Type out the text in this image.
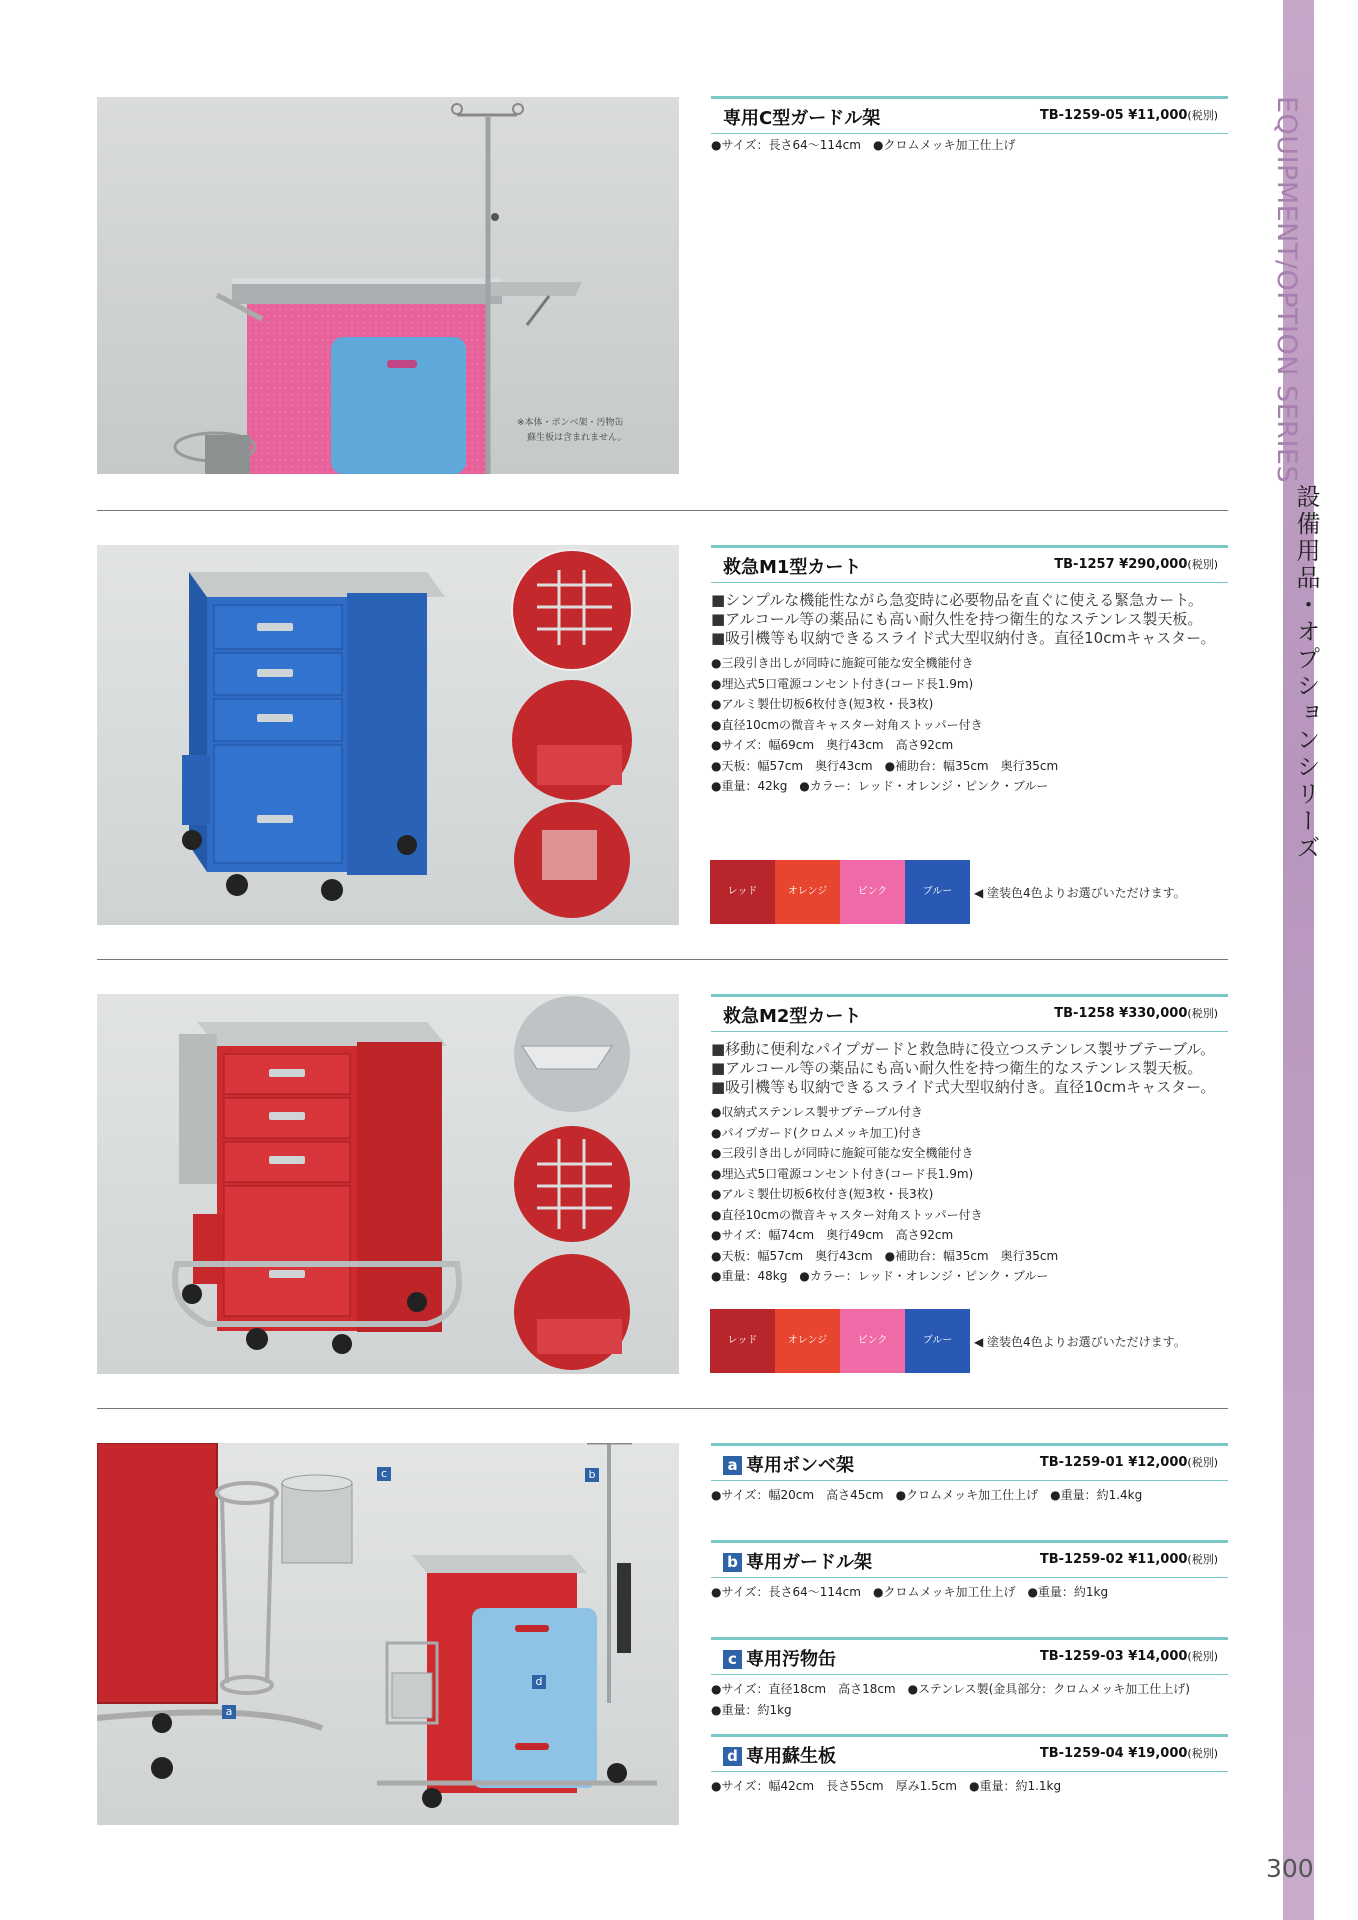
EQUIPMENT/OPTION SERIES
設備用品・オプションシリーズ
300
※本体・ボンベ架・汚物缶
蘇生板は含まれません。
専用C型ガードル架	TB-1259-05 ¥11,000(税別)
●サイズ：長さ64〜114cm　●クロムメッキ加工仕上げ
救急M1型カート	TB-1257 ¥290,000(税別)
■シンプルな機能性ながら急変時に必要物品を直ぐに使える緊急カート。
■アルコール等の薬品にも高い耐久性を持つ衛生的なステンレス製天板。
■吸引機等も収納できるスライド式大型収納付き。直径10cmキャスター。
●三段引き出しが同時に施錠可能な安全機能付き
●埋込式5口電源コンセント付き(コード長1.9m)
●アルミ製仕切板6枚付き(短3枚・長3枚)
●直径10cmの微音キャスター対角ストッパー付き
●サイズ：幅69cm　奥行43cm　高さ92cm
●天板：幅57cm　奥行43cm　●補助台：幅35cm　奥行35cm
●重量：42kg　●カラー：レッド・オレンジ・ピンク・ブルー
レッド	オレンジ	ピンク	ブルー	◀ 塗装色4色よりお選びいただけます。
救急M2型カート	TB-1258 ¥330,000(税別)
■移動に便利なパイプガードと救急時に役立つステンレス製サブテーブル。
■アルコール等の薬品にも高い耐久性を持つ衛生的なステンレス製天板。
■吸引機等も収納できるスライド式大型収納付き。直径10cmキャスター。
●収納式ステンレス製サブテーブル付き
●パイプガード(クロムメッキ加工)付き
●三段引き出しが同時に施錠可能な安全機能付き
●埋込式5口電源コンセント付き(コード長1.9m)
●アルミ製仕切板6枚付き(短3枚・長3枚)
●直径10cmの微音キャスター対角ストッパー付き
●サイズ：幅74cm　奥行49cm　高さ92cm
●天板：幅57cm　奥行43cm　●補助台：幅35cm　奥行35cm
●重量：48kg　●カラー：レッド・オレンジ・ピンク・ブルー
レッド	オレンジ	ピンク	ブルー	◀ 塗装色4色よりお選びいただけます。
a
b
c
d
a 専用ボンベ架	TB-1259-01 ¥12,000(税別)
●サイズ：幅20cm　高さ45cm　●クロムメッキ加工仕上げ　●重量：約1.4kg
b 専用ガードル架	TB-1259-02 ¥11,000(税別)
●サイズ：長さ64〜114cm　●クロムメッキ加工仕上げ　●重量：約1kg
c 専用汚物缶	TB-1259-03 ¥14,000(税別)
●サイズ：直径18cm　高さ18cm　●ステンレス製(金具部分：クロムメッキ加工仕上げ)
●重量：約1kg
d 専用蘇生板	TB-1259-04 ¥19,000(税別)
●サイズ：幅42cm　長さ55cm　厚み1.5cm　●重量：約1.1kg
